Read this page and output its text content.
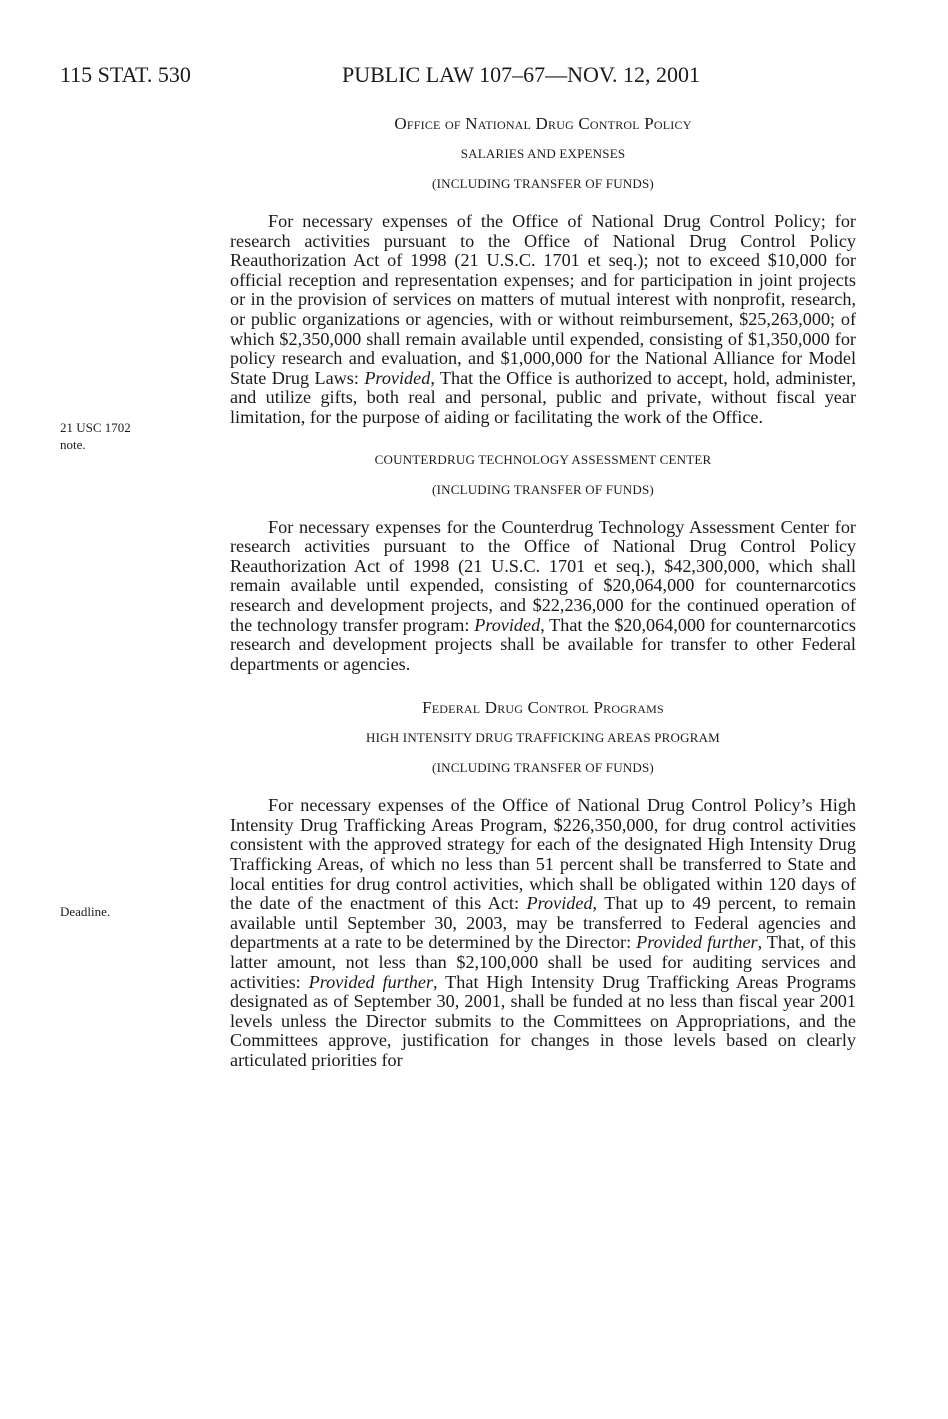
115 STAT. 530	PUBLIC LAW 107–67—NOV. 12, 2001
21 USC 1702
note.
Deadline.
Office of National Drug Control Policy
SALARIES AND EXPENSES
(INCLUDING TRANSFER OF FUNDS)

For necessary expenses of the Office of National Drug Control Policy; for research activities pursuant to the Office of National Drug Control Policy Reauthorization Act of 1998 (21 U.S.C. 1701 et seq.); not to exceed $10,000 for official reception and representation expenses; and for participation in joint projects or in the provision of services on matters of mutual interest with nonprofit, research, or public organizations or agencies, with or without reimbursement, $25,263,000; of which $2,350,000 shall remain available until expended, consisting of $1,350,000 for policy research and evaluation, and $1,000,000 for the National Alliance for Model State Drug Laws: Provided, That the Office is authorized to accept, hold, administer, and utilize gifts, both real and personal, public and private, without fiscal year limitation, for the purpose of aiding or facilitating the work of the Office.

COUNTERDRUG TECHNOLOGY ASSESSMENT CENTER
(INCLUDING TRANSFER OF FUNDS)

For necessary expenses for the Counterdrug Technology Assessment Center for research activities pursuant to the Office of National Drug Control Policy Reauthorization Act of 1998 (21 U.S.C. 1701 et seq.), $42,300,000, which shall remain available until expended, consisting of $20,064,000 for counternarcotics research and development projects, and $22,236,000 for the continued operation of the technology transfer program: Provided, That the $20,064,000 for counternarcotics research and development projects shall be available for transfer to other Federal departments or agencies.

Federal Drug Control Programs
HIGH INTENSITY DRUG TRAFFICKING AREAS PROGRAM
(INCLUDING TRANSFER OF FUNDS)

For necessary expenses of the Office of National Drug Control Policy’s High Intensity Drug Trafficking Areas Program, $226,350,000, for drug control activities consistent with the approved strategy for each of the designated High Intensity Drug Trafficking Areas, of which no less than 51 percent shall be transferred to State and local entities for drug control activities, which shall be obligated within 120 days of the date of the enactment of this Act: Provided, That up to 49 percent, to remain available until September 30, 2003, may be transferred to Federal agencies and departments at a rate to be determined by the Director: Provided further, That, of this latter amount, not less than $2,100,000 shall be used for auditing services and activities: Provided further, That High Intensity Drug Trafficking Areas Programs designated as of September 30, 2001, shall be funded at no less than fiscal year 2001 levels unless the Director submits to the Committees on Appropriations, and the Committees approve, justification for changes in those levels based on clearly articulated priorities for
